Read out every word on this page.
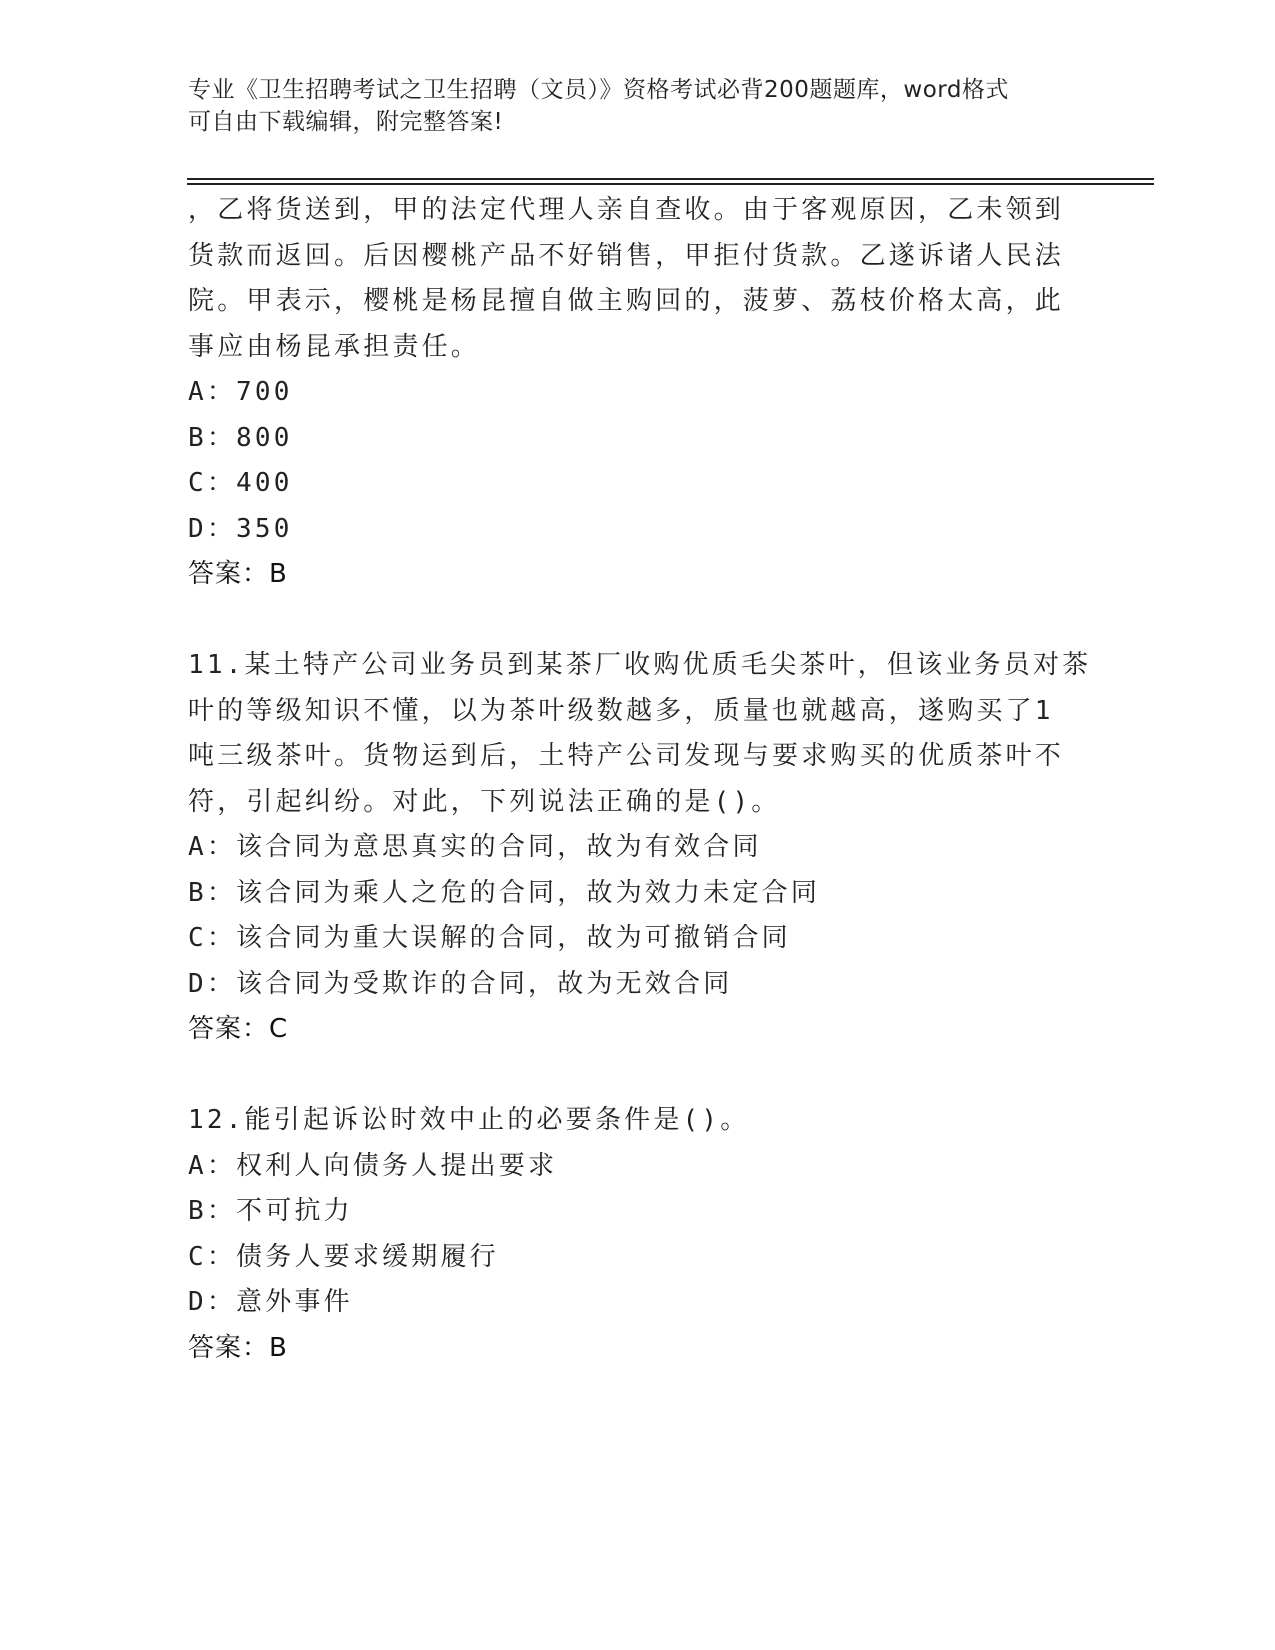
专业《卫生招聘考试之卫生招聘（文员）》资格考试必背200题题库，word格式
可自由下载编辑，附完整答案!
，乙将货送到，甲的法定代理人亲自查收。由于客观原因，乙未领到
货款而返回。后因樱桃产品不好销售，甲拒付货款。乙遂诉诸人民法
院。甲表示，樱桃是杨昆擅自做主购回的，菠萝、荔枝价格太高，此
事应由杨昆承担责任。
A：700
B：800
C：400
D：350
答案：B
11.某土特产公司业务员到某茶厂收购优质毛尖茶叶，但该业务员对茶
叶的等级知识不懂，以为茶叶级数越多，质量也就越高，遂购买了1
吨三级茶叶。货物运到后，土特产公司发现与要求购买的优质茶叶不
符，引起纠纷。对此，下列说法正确的是()。
A：该合同为意思真实的合同，故为有效合同
B：该合同为乘人之危的合同，故为效力未定合同
C：该合同为重大误解的合同，故为可撤销合同
D：该合同为受欺诈的合同，故为无效合同
答案：C
12.能引起诉讼时效中止的必要条件是()。
A：权利人向债务人提出要求
B：不可抗力
C：债务人要求缓期履行
D：意外事件
答案：B
